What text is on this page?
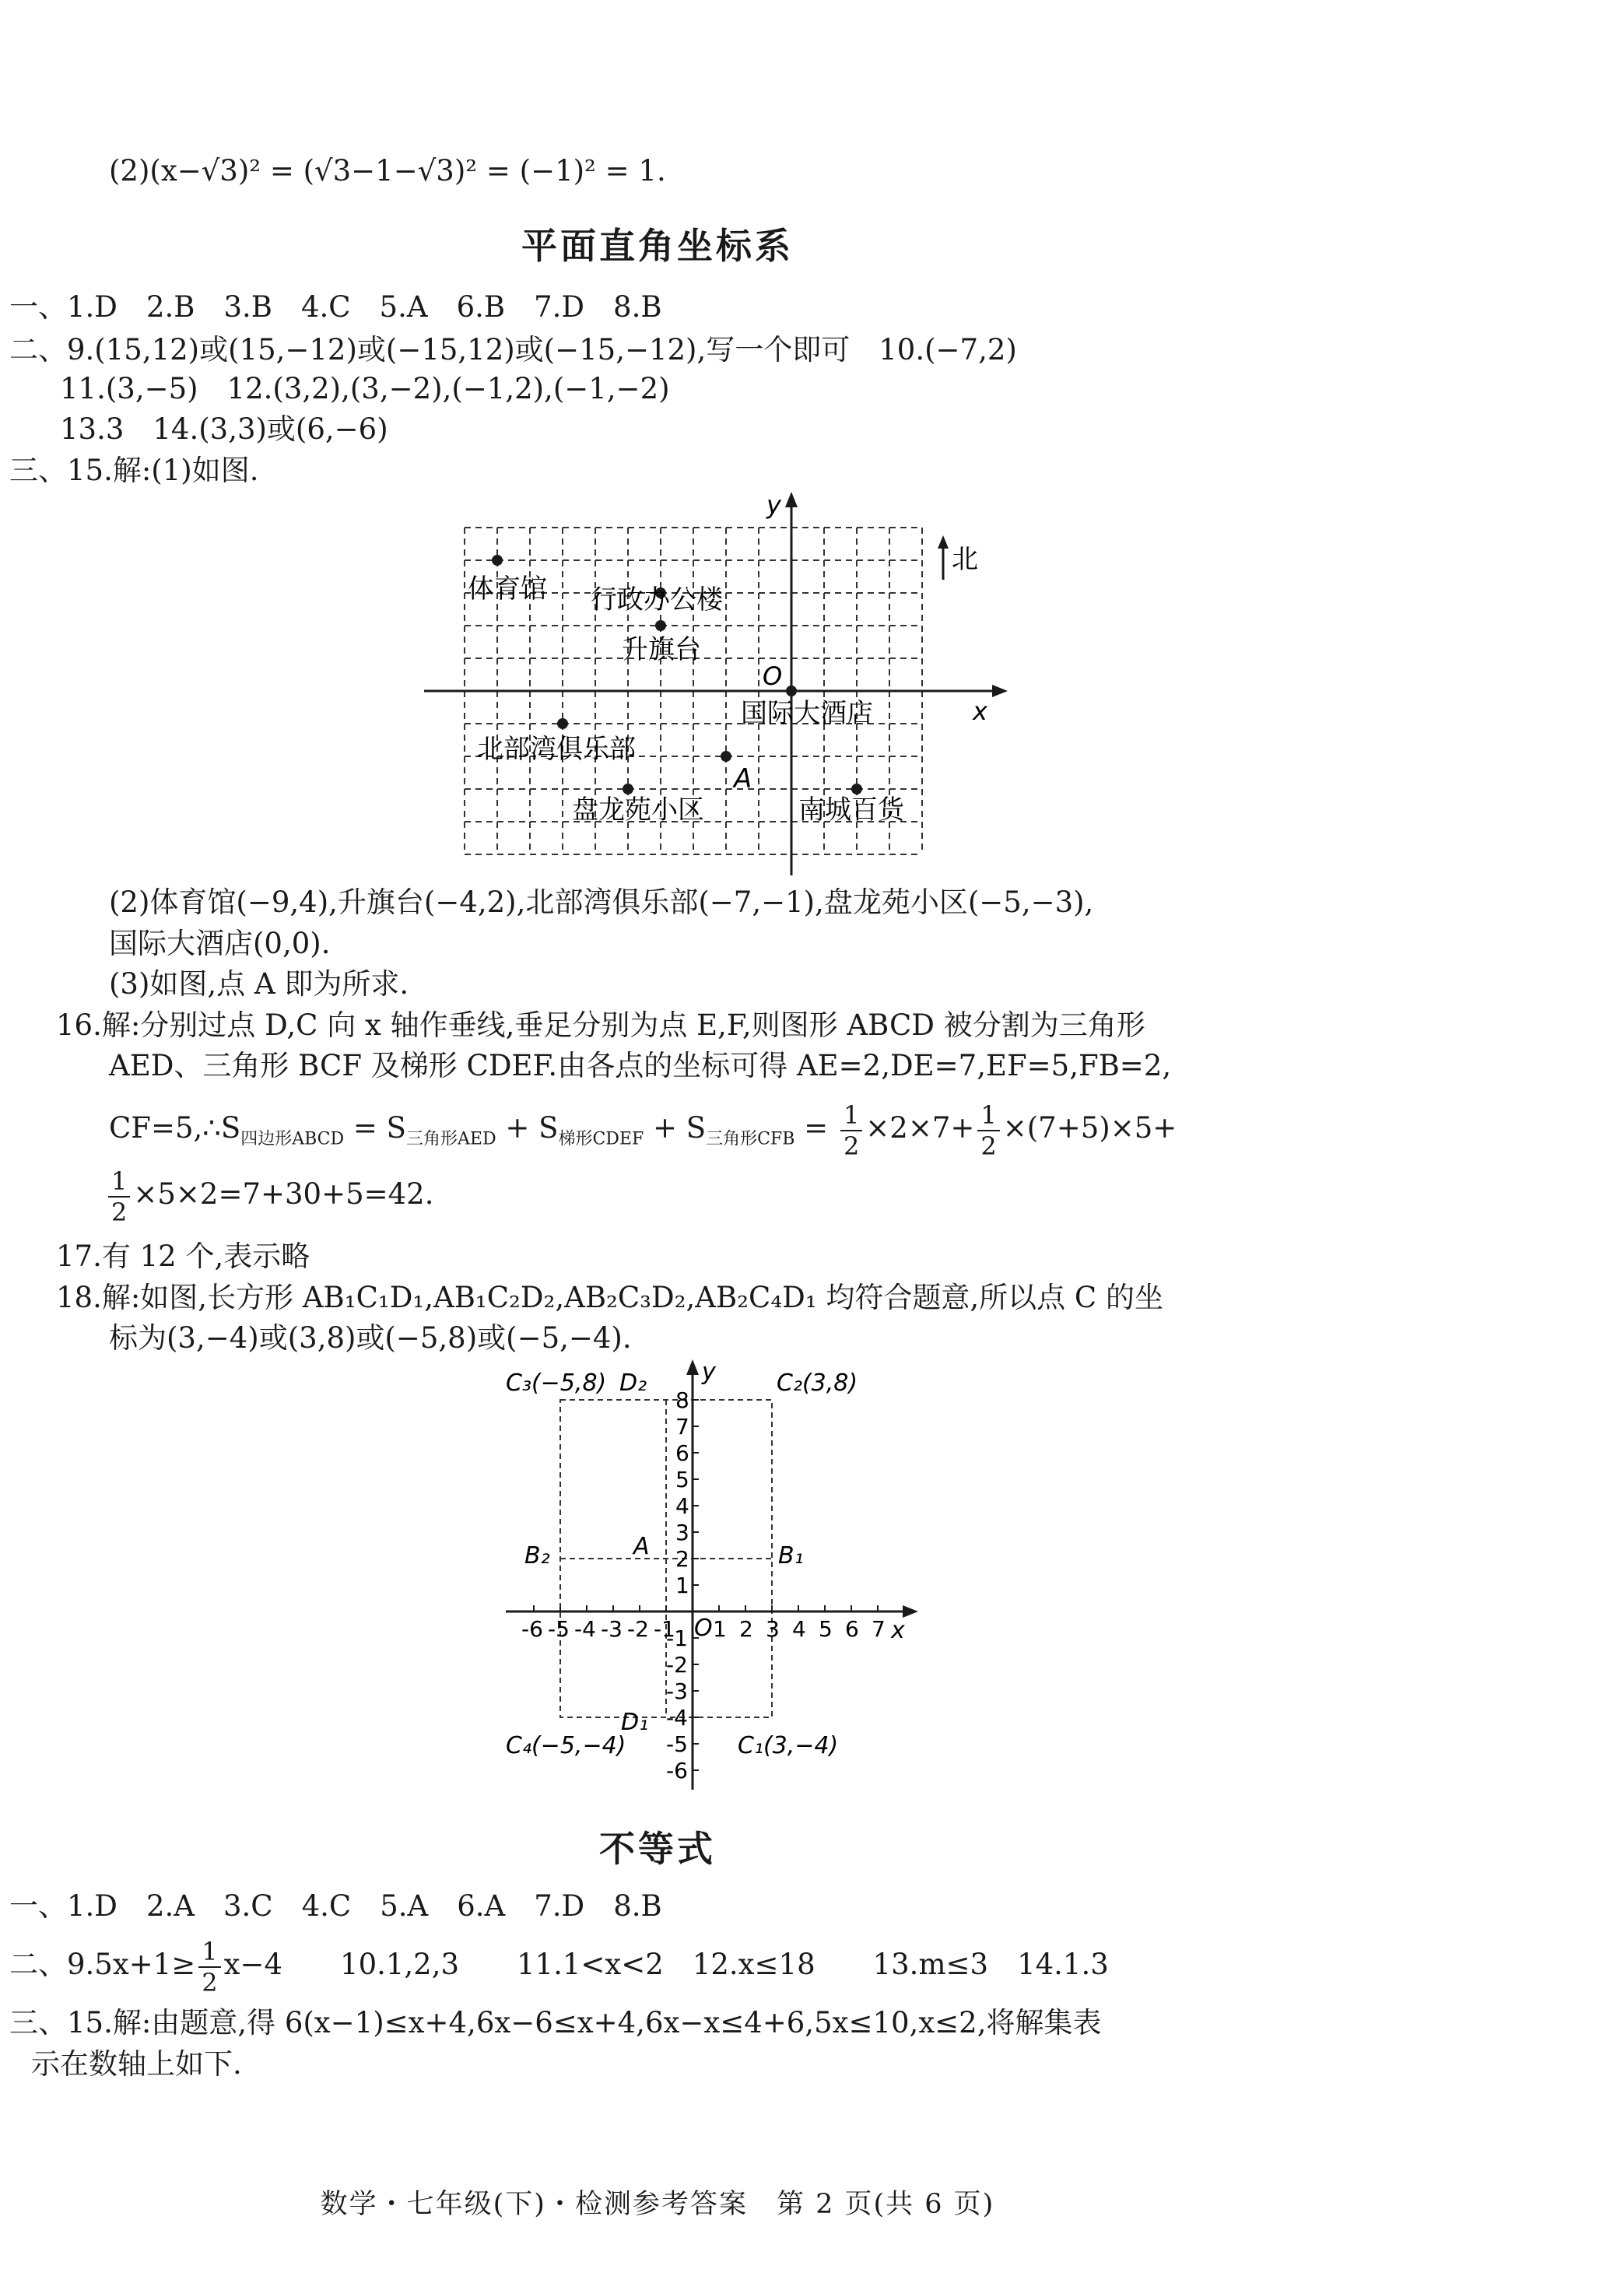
(2)(x−√3)² = (√3−1−√3)² = (−1)² = 1.
平面直角坐标系
一、1.D　2.B　3.B　4.C　5.A　6.B　7.D　8.B
二、9.(15,12)或(15,−12)或(−15,12)或(−15,−12),写一个即可　10.(−7,2)
　11.(3,−5)　12.(3,2),(3,−2),(−1,2),(−1,−2)
　13.3　14.(3,3)或(6,−6)
三、15.解:(1)如图.
x
y
O
北
体育馆 行政办公楼
升旗台
国际大酒店
北部湾俱乐部
A
盘龙苑小区	南城百货
(2)体育馆(−9,4),升旗台(−4,2),北部湾俱乐部(−7,−1),盘龙苑小区(−5,−3),
国际大酒店(0,0).
(3)如图,点 A 即为所求.
16.解:分别过点 D,C 向 x 轴作垂线,垂足分别为点 E,F,则图形 ABCD 被分割为三角形
AED、三角形 BCF 及梯形 CDEF.由各点的坐标可得 AE=2,DE=7,EF=5,FB=2,
$CF=5,\therefore S_{四边形ABCD} = S_{三角形AED} + S_{梯形CDEF} + S_{三角形CFB} = \frac{1}{2} \times 2\times 7+ \frac{1}{2} \times(7+5)\times 5+$
$\frac{1}{2} \times 5\times 2=7+30+5=42$.
17.有 12 个,表示略
18.解:如图,长方形 AB₁C₁D₁,AB₁C₂D₂,AB₂C₃D₂,AB₂C₄D₁ 均符合题意,所以点 C 的坐
标为(3,−4)或(3,8)或(−5,8)或(−5,−4).
x
y
O
-6 -5 -4 -3 -2 -1 1 2 3 4 5 6 7
8
7
6
5
4
3
2
1
-1
-2
-3
-4
-5
-6
C₃(−5,8) D₂	C₂(3,8)
A
B₂	B₁
D₁
C₄(−5,−4)	C₁(3,−4)
不等式
一、1.D　2.A　3.C　4.C　5.A　6.A　7.D　8.B
二、$9.5x+1\ge \frac{1}{2} x-4$　　10.1,2,3　　11.1<x<2　12.x≤18　　13.m≤3　14.1.3
三、15.解:由题意,得 6(x−1)≤x+4,6x−6≤x+4,6x−x≤4+6,5x≤10,x≤2,将解集表
示在数轴上如下.
数学・七年级(下)・检测参考答案　第 2 页(共 6 页)
